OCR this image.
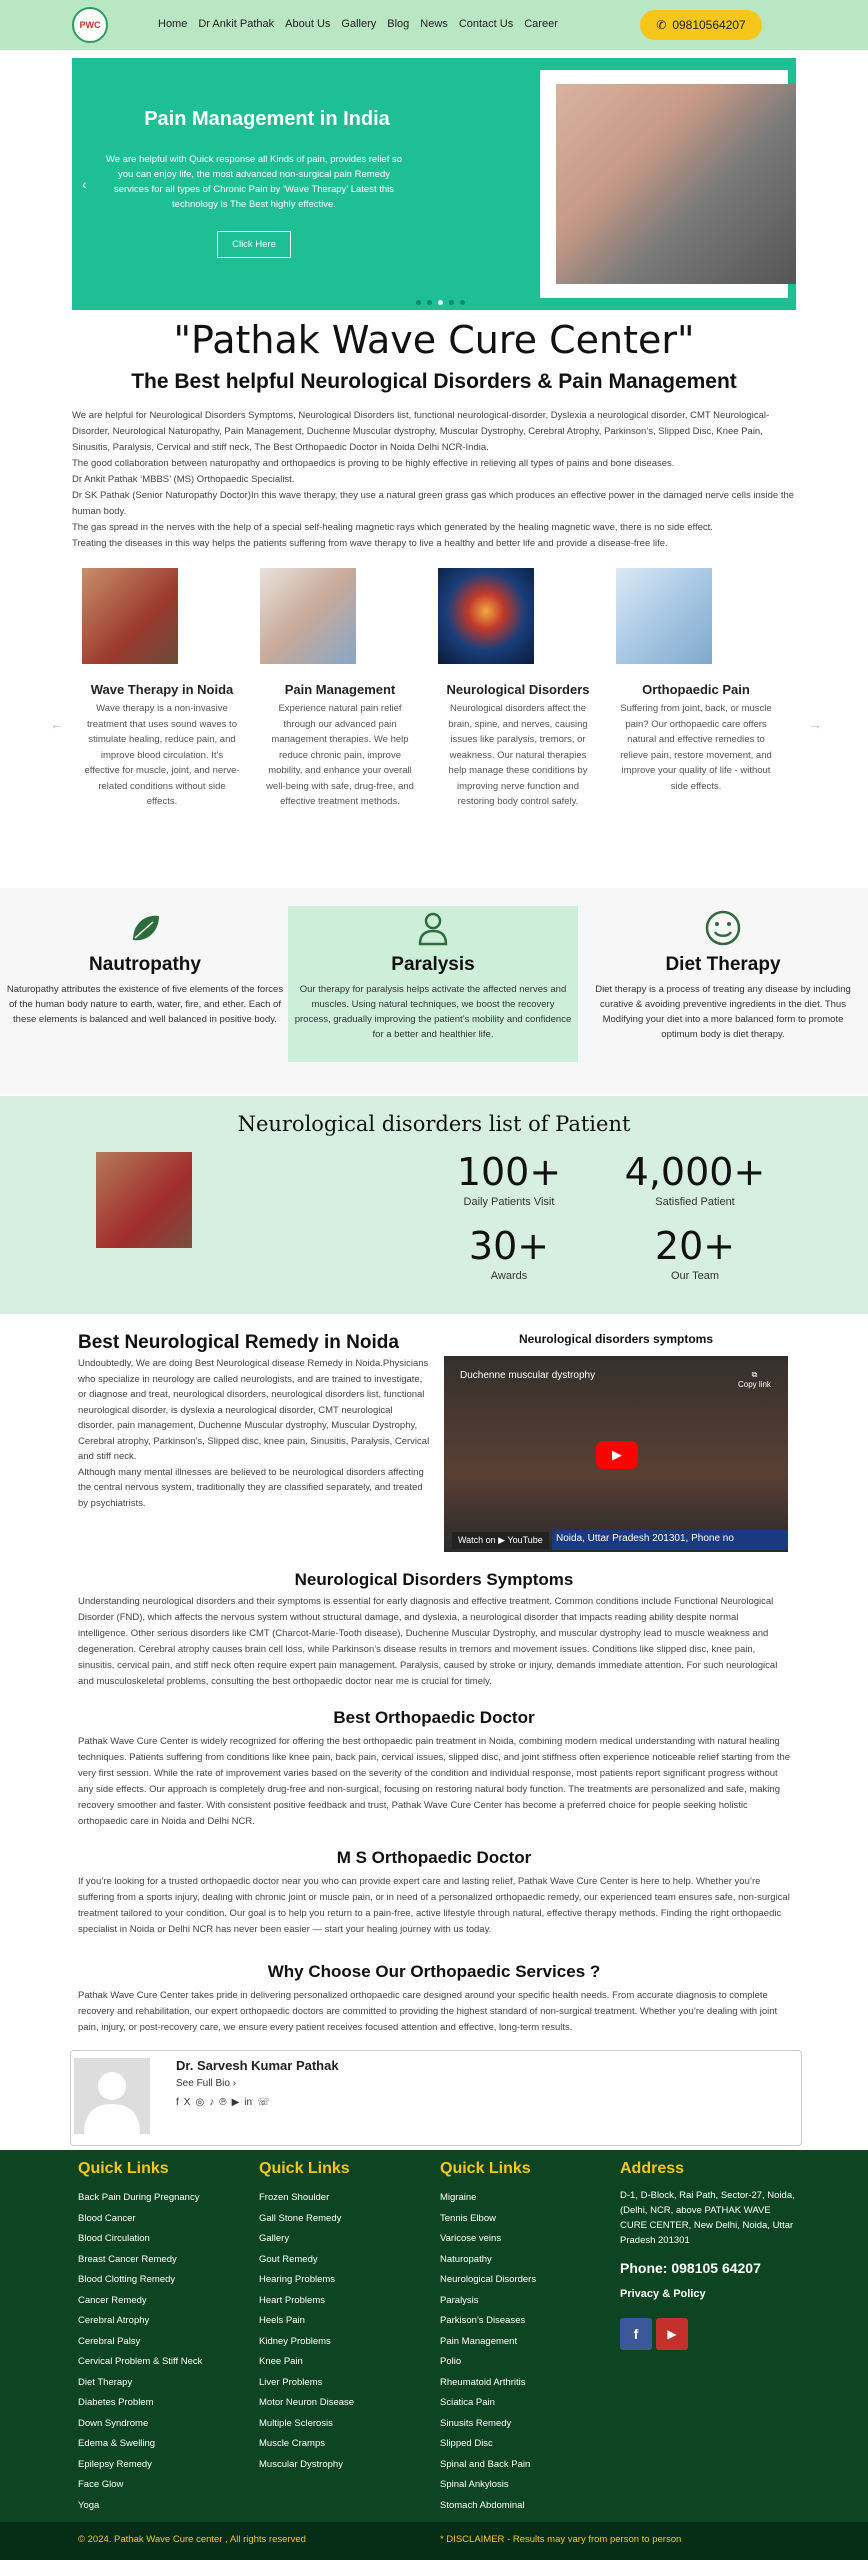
PWC	Home Dr Ankit Pathak About Us Gallery Blog News Contact Us Career	✆ 09810564207
‹
Pain Management in India
We are helpful with Quick response all Kinds of pain, provides relief so you can enjoy life, the most advanced non-surgical pain Remedy services for all types of Chronic Pain by ‘Wave Therapy’ Latest this technology is The Best highly effective.
Click Here
"Pathak Wave Cure Center"
The Best helpful Neurological Disorders & Pain Management

We are helpful for Neurological Disorders Symptoms, Neurological Disorders list, functional neurological-disorder, Dyslexia a neurological disorder, CMT Neurological-Disorder, Neurological Naturopathy, Pain Management, Duchenne Muscular dystrophy, Muscular Dystrophy, Cerebral Atrophy, Parkinson’s, Slipped Disc, Knee Pain, Sinusitis, Paralysis, Cervical and stiff neck, The Best Orthopaedic Doctor in Noida Delhi NCR-India.

The good collaboration between naturopathy and orthopaedics is proving to be highly effective in relieving all types of pains and bone diseases.

Dr Ankit Pathak ‘MBBS’ (MS) Orthopaedic Specialist.

Dr SK Pathak (Senior Naturopathy Doctor)In this wave therapy, they use a natural green grass gas which produces an effective power in the damaged nerve cells inside the human body.

The gas spread in the nerves with the help of a special self-healing magnetic rays which generated by the healing magnetic wave, there is no side effect.

Treating the diseases in this way helps the patients suffering from wave therapy to live a healthy and better life and provide a disease-free life.

←	→
Wave Therapy in Noida
Wave therapy is a non-invasive treatment that uses sound waves to stimulate healing, reduce pain, and improve blood circulation. It’s effective for muscle, joint, and nerve-related conditions without side effects.
Pain Management
Experience natural pain relief through our advanced pain management therapies. We help reduce chronic pain, improve mobility, and enhance your overall well-being with safe, drug-free, and effective treatment methods.
Neurological Disorders
Neurological disorders affect the brain, spine, and nerves, causing issues like paralysis, tremors, or weakness. Our natural therapies help manage these conditions by improving nerve function and restoring body control safely.
Orthopaedic Pain
Suffering from joint, back, or muscle pain? Our orthopaedic care offers natural and effective remedies to relieve pain, restore movement, and improve your quality of life - without side effects.
Nautropathy
Naturopathy attributes the existence of five elements of the forces of the human body nature to earth, water, fire, and ether. Each of these elements is balanced and well balanced in positive body.
Paralysis
Our therapy for paralysis helps activate the affected nerves and muscles. Using natural techniques, we boost the recovery process, gradually improving the patient’s mobility and confidence for a better and healthier life.
Diet Therapy
Diet therapy is a process of treating any disease by including curative & avoiding preventive ingredients in the diet. Thus Modifying your diet into a more balanced form to promote optimum body is diet therapy.
Neurological disorders list of Patient
100+
Daily Patients Visit
4,000+
Satisfied Patient
30+
Awards
20+
Our Team
Best Neurological Remedy in Noida

Undoubtedly, We are doing Best Neurological disease Remedy in Noida.Physicians who specialize in neurology are called neurologists, and are trained to investigate, or diagnose and treat, neurological disorders, neurological disorders list, functional neurological disorder, is dyslexia a neurological disorder, CMT neurological disorder, pain management, Duchenne Muscular dystrophy, Muscular Dystrophy, Cerebral atrophy, Parkinson's, Slipped disc, knee pain, Sinusitis, Paralysis, Cervical and stiff neck.

Although many mental illnesses are believed to be neurological disorders affecting the central nervous system, traditionally they are classified separately, and treated by psychiatrists.

Neurological disorders symptoms
Duchenne muscular dystrophy	⧉
Copy link
▶
Watch on ▶ YouTube	Noida, Uttar Pradesh 201301, Phone no
Neurological Disorders Symptoms
Understanding neurological disorders and their symptoms is essential for early diagnosis and effective treatment. Common conditions include Functional Neurological Disorder (FND), which affects the nervous system without structural damage, and dyslexia, a neurological disorder that impacts reading ability despite normal intelligence. Other serious disorders like CMT (Charcot-Marie-Tooth disease), Duchenne Muscular Dystrophy, and muscular dystrophy lead to muscle weakness and degeneration. Cerebral atrophy causes brain cell loss, while Parkinson’s disease results in tremors and movement issues. Conditions like slipped disc, knee pain, sinusitis, cervical pain, and stiff neck often require expert pain management. Paralysis, caused by stroke or injury, demands immediate attention. For such neurological and musculoskeletal problems, consulting the best orthopaedic doctor near me is crucial for timely.
Best Orthopaedic Doctor
Pathak Wave Cure Center is widely recognized for offering the best orthopaedic pain treatment in Noida, combining modern medical understanding with natural healing techniques. Patients suffering from conditions like knee pain, back pain, cervical issues, slipped disc, and joint stiffness often experience noticeable relief starting from the very first session. While the rate of improvement varies based on the severity of the condition and individual response, most patients report significant progress without any side effects. Our approach is completely drug-free and non-surgical, focusing on restoring natural body function. The treatments are personalized and safe, making recovery smoother and faster. With consistent positive feedback and trust, Pathak Wave Cure Center has become a preferred choice for people seeking holistic orthopaedic care in Noida and Delhi NCR.
M S Orthopaedic Doctor
If you’re looking for a trusted orthopaedic doctor near you who can provide expert care and lasting relief, Pathak Wave Cure Center is here to help. Whether you’re suffering from a sports injury, dealing with chronic joint or muscle pain, or in need of a personalized orthopaedic remedy, our experienced team ensures safe, non-surgical treatment tailored to your condition. Our goal is to help you return to a pain-free, active lifestyle through natural, effective therapy methods. Finding the right orthopaedic specialist in Noida or Delhi NCR has never been easier — start your healing journey with us today.
Why Choose Our Orthopaedic Services ?
Pathak Wave Cure Center takes pride in delivering personalized orthopaedic care designed around your specific health needs. From accurate diagnosis to complete recovery and rehabilitation, our expert orthopaedic doctors are committed to providing the highest standard of non-surgical treatment. Whether you’re dealing with joint pain, injury, or post-recovery care, we ensure every patient receives focused attention and effective, long-term results.
Dr. Sarvesh Kumar Pathak
See Full Bio ›
f X ◎ ♪ ℗ ▶ in ☏
Quick Links
Back Pain During Pregnancy
Blood Cancer
Blood Circulation
Breast Cancer Remedy
Blood Clotting Remedy
Cancer Remedy
Cerebral Atrophy
Cerebral Palsy
Cervical Problem & Stiff Neck
Diet Therapy
Diabetes Problem
Down Syndrome
Edema & Swelling
Epilepsy Remedy
Face Glow
Yoga
Quick Links
Frozen Shoulder
Gall Stone Remedy
Gallery
Gout Remedy
Hearing Problems
Heart Problems
Heels Pain
Kidney Problems
Knee Pain
Liver Problems
Motor Neuron Disease
Multiple Sclerosis
Muscle Cramps
Muscular Dystrophy
Quick Links
Migraine
Tennis Elbow
Varicose veins
Naturopathy
Neurological Disorders
Paralysis
Parkison's Diseases
Pain Management
Polio
Rheumatoid Arthritis
Sciatica Pain
Sinusits Remedy
Slipped Disc
Spinal and Back Pain
Spinal Ankylosis
Stomach Abdominal
Address
D-1, D-Block, Rai Path, Sector-27, Noida, (Delhi, NCR, above PATHAK WAVE CURE CENTER, New Delhi, Noida, Uttar Pradesh 201301
Phone: 098105 64207
Privacy & Policy
f	▶
© 2024. Pathak Wave Cure center , All rights reserved	* DISCLAIMER - Results may vary from person to person
